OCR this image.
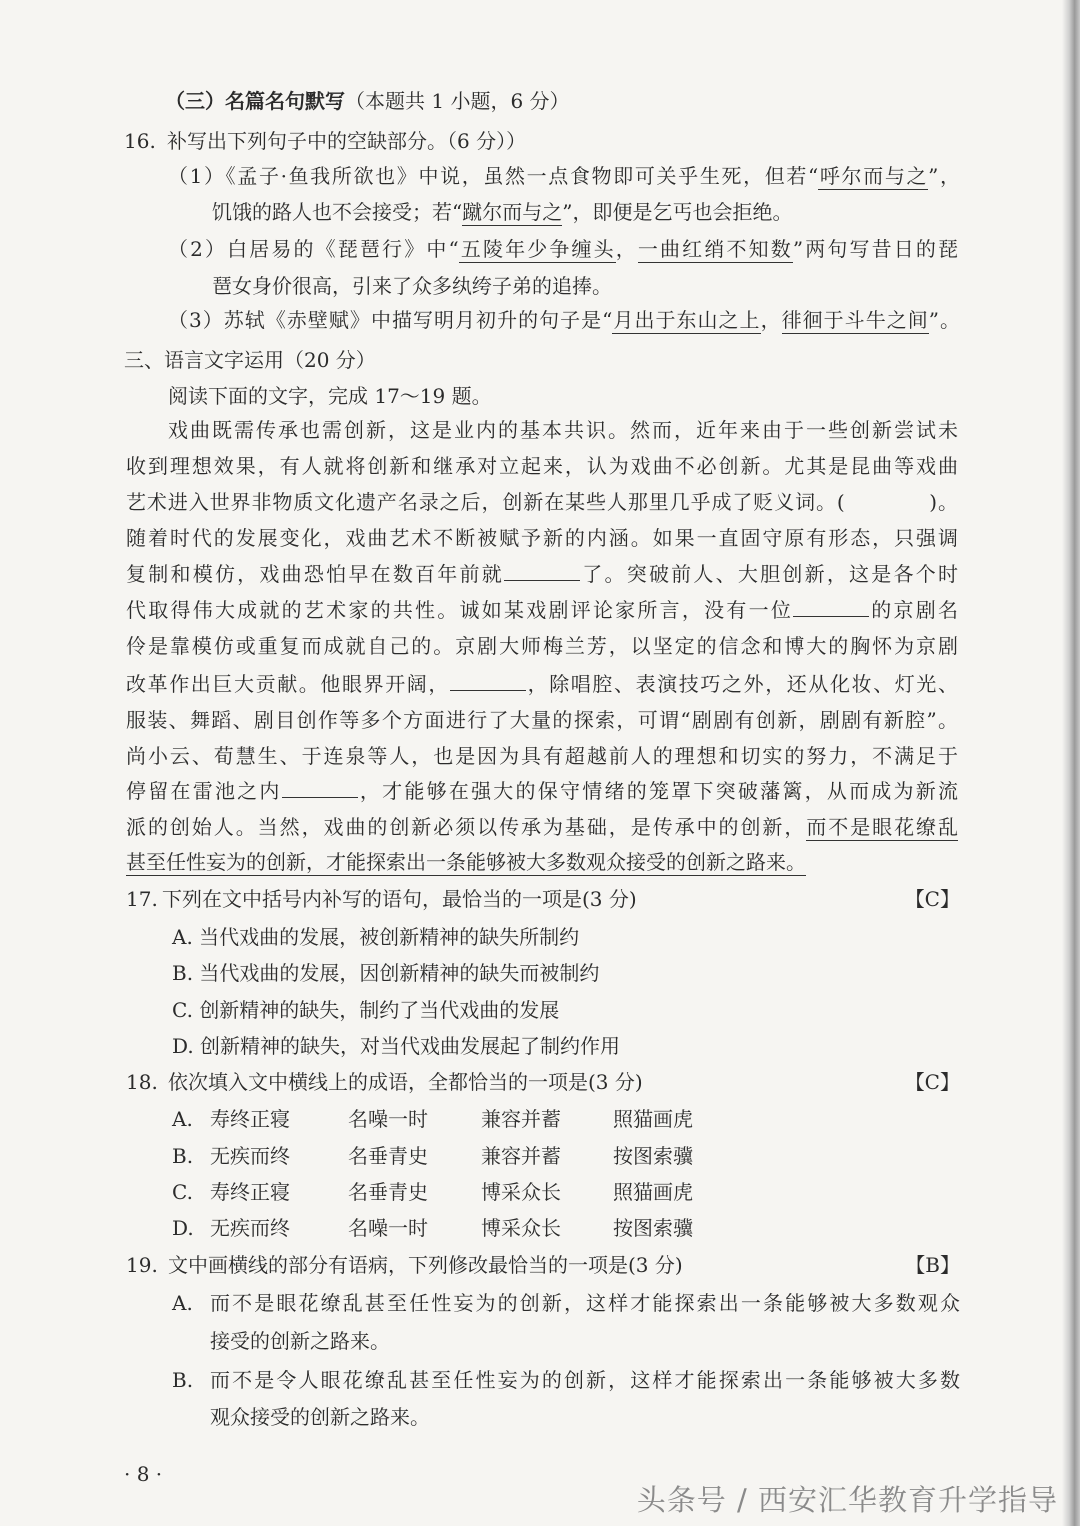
（三）名篇名句默写（本题共 1 小题，6 分）
16. 补写出下列句子中的空缺部分。（6 分））
（1）《孟子·鱼我所欲也》中说，虽然一点食物即可关乎生死，但若“呼尔而与之”，
饥饿的路人也不会接受；若“蹴尔而与之”，即便是乞丐也会拒绝。
（2）白居易的《琵琶行》中“五陵年少争缠头，一曲红绡不知数”两句写昔日的琵
琶女身价很高，引来了众多纨绔子弟的追捧。
（3）苏轼《赤壁赋》中描写明月初升的句子是“月出于东山之上，徘徊于斗牛之间”。
三、语言文字运用（20 分）
阅读下面的文字，完成 17～19 题。
戏曲既需传承也需创新，这是业内的基本共识。然而，近年来由于一些创新尝试未
收到理想效果，有人就将创新和继承对立起来，认为戏曲不必创新。尤其是昆曲等戏曲
艺术进入世界非物质文化遗产名录之后，创新在某些人那里几乎成了贬义词。(　　　　)。
随着时代的发展变化，戏曲艺术不断被赋予新的内涵。如果一直固守原有形态，只强调
复制和模仿，戏曲恐怕早在数百年前就	了。突破前人、大胆创新，这是各个时
代取得伟大成就的艺术家的共性。诚如某戏剧评论家所言，没有一位	的京剧名
伶是靠模仿或重复而成就自己的。京剧大师梅兰芳，以坚定的信念和博大的胸怀为京剧
改革作出巨大贡献。他眼界开阔，	，除唱腔、表演技巧之外，还从化妆、灯光、
服装、舞蹈、剧目创作等多个方面进行了大量的探索，可谓“剧剧有创新，剧剧有新腔”。
尚小云、荀慧生、于连泉等人，也是因为具有超越前人的理想和切实的努力，不满足于
停留在雷池之内	，才能够在强大的保守情绪的笼罩下突破藩篱，从而成为新流
派的创始人。当然，戏曲的创新必须以传承为基础，是传承中的创新，而不是眼花缭乱
甚至任性妄为的创新，才能探索出一条能够被大多数观众接受的创新之路来。
17. 下列在文中括号内补写的语句，最恰当的一项是(3 分)	【C】
A. 当代戏曲的发展，被创新精神的缺失所制约
B. 当代戏曲的发展，因创新精神的缺失而被制约
C. 创新精神的缺失，制约了当代戏曲的发展
D. 创新精神的缺失，对当代戏曲发展起了制约作用
18. 依次填入文中横线上的成语，全都恰当的一项是(3 分)	【C】
A. 寿终正寝	名噪一时	兼容并蓄	照猫画虎
B. 无疾而终	名垂青史	兼容并蓄	按图索骥
C. 寿终正寝	名垂青史	博采众长	照猫画虎
D. 无疾而终	名噪一时	博采众长	按图索骥
19. 文中画横线的部分有语病，下列修改最恰当的一项是(3 分)	【B】
A. 而不是眼花缭乱甚至任性妄为的创新，这样才能探索出一条能够被大多数观众
接受的创新之路来。
B. 而不是令人眼花缭乱甚至任性妄为的创新，这样才能探索出一条能够被大多数
观众接受的创新之路来。
· 8 ·
头条号 / 西安汇华教育升学指导
